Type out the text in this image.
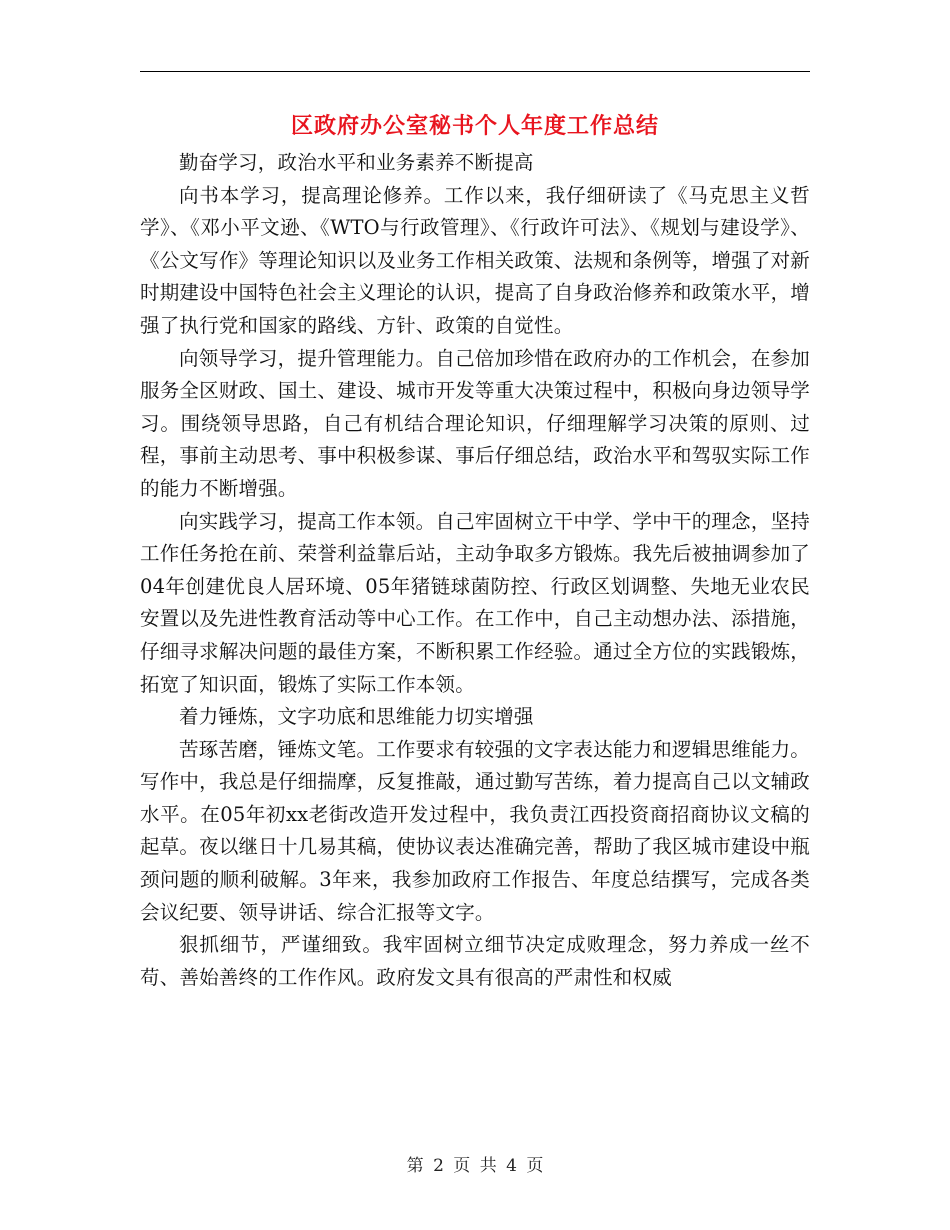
区政府办公室秘书个人年度工作总结

勤奋学习，政治水平和业务素养不断提高

向书本学习，提高理论修养。工作以来，我仔细研读了《马克思主义哲学》、《邓小平文逊、《WTO与行政管理》、《行政许可法》、《规划与建设学》、《公文写作》等理论知识以及业务工作相关政策、法规和条例等，增强了对新时期建设中国特色社会主义理论的认识，提高了自身政治修养和政策水平，增强了执行党和国家的路线、方针、政策的自觉性。

向领导学习，提升管理能力。自己倍加珍惜在政府办的工作机会，在参加服务全区财政、国土、建设、城市开发等重大决策过程中，积极向身边领导学习。围绕领导思路，自己有机结合理论知识，仔细理解学习决策的原则、过程，事前主动思考、事中积极参谋、事后仔细总结，政治水平和驾驭实际工作的能力不断增强。

向实践学习，提高工作本领。自己牢固树立干中学、学中干的理念，坚持工作任务抢在前、荣誉利益靠后站，主动争取多方锻炼。我先后被抽调参加了04年创建优良人居环境、05年猪链球菌防控、行政区划调整、失地无业农民安置以及先进性教育活动等中心工作。在工作中，自己主动想办法、添措施，仔细寻求解决问题的最佳方案，不断积累工作经验。通过全方位的实践锻炼，拓宽了知识面，锻炼了实际工作本领。

着力锤炼，文字功底和思维能力切实增强

苦琢苦磨，锤炼文笔。工作要求有较强的文字表达能力和逻辑思维能力。写作中，我总是仔细揣摩，反复推敲，通过勤写苦练，着力提高自己以文辅政水平。在05年初xx老街改造开发过程中，我负责江西投资商招商协议文稿的起草。夜以继日十几易其稿，使协议表达准确完善，帮助了我区城市建设中瓶颈问题的顺利破解。3年来，我参加政府工作报告、年度总结撰写，完成各类会议纪要、领导讲话、综合汇报等文字。

狠抓细节，严谨细致。我牢固树立细节决定成败理念，努力养成一丝不苟、善始善终的工作作风。政府发文具有很高的严肃性和权威

第 2 页 共 4 页
